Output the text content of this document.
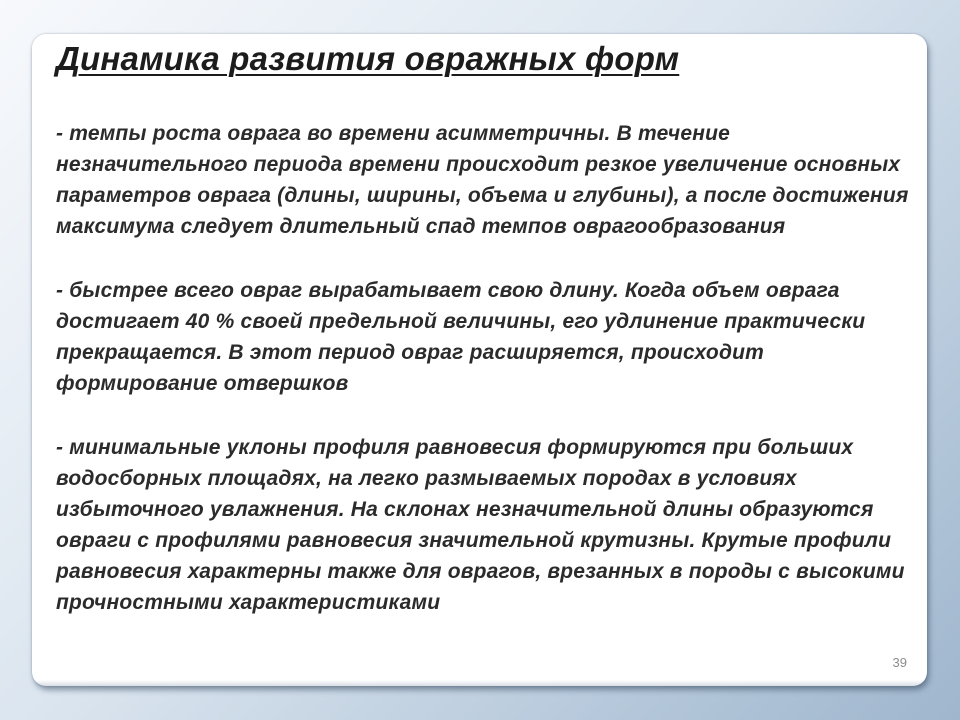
Динамика развития овражных форм

- темпы роста оврага во времени асимметричны. В течение незначительного периода времени происходит резкое увеличение основных параметров оврага (длины, ширины, объема и глубины), а после достижения максимума следует длительный спад темпов оврагообразования

- быстрее всего овраг вырабатывает свою длину. Когда объем оврага достигает 40 % своей предельной величины, его удлинение практически прекращается. В этот период овраг расширяется, происходит формирование отвершков

- минимальные уклоны профиля равновесия формируются при больших водосборных площадях, на легко размываемых породах в условиях избыточного увлажнения. На склонах незначительной длины образуются овраги с профилями равновесия значительной крутизны. Крутые профили равновесия характерны также для оврагов, врезанных в породы с высокими прочностными характеристиками

39
